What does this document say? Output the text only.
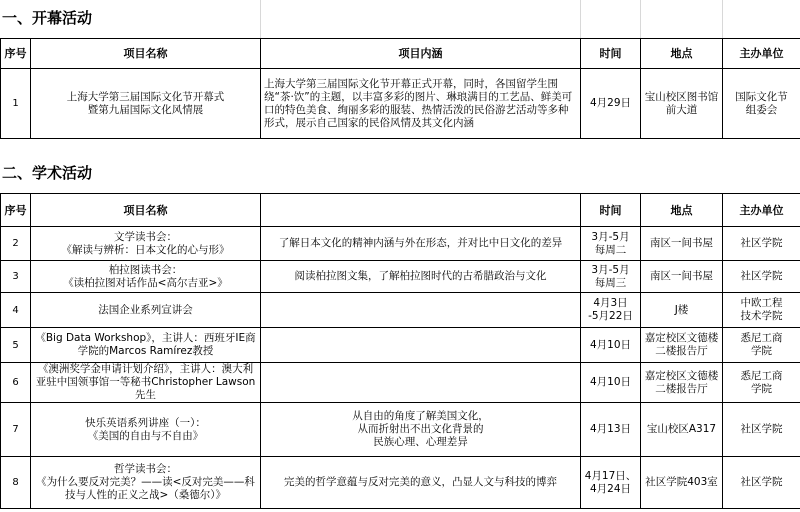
一、开幕活动
序号	项目名称	项目内涵	时间	地点	主办单位
1	上海大学第三届国际文化节开幕式
暨第九届国际文化风情展	上海大学第三届国际文化节开幕正式开幕，同时，各国留学生围绕“茶·饮”的主题，以丰富多彩的图片、琳琅满目的工艺品、鲜美可口的特色美食、绚丽多彩的服装、热情活泼的民俗游艺活动等多种形式，展示自己国家的民俗风情及其文化内涵	4月29日	宝山校区图书馆
前大道	国际文化节
组委会
二、学术活动
序号	项目名称		时间	地点	主办单位
2	文学读书会：
《解读与辨析：日本文化的心与形》	了解日本文化的精神内涵与外在形态，并对比中日文化的差异	3月-5月
每周二	南区一间书屋	社区学院
3	柏拉图读书会：
《读柏拉图对话作品<高尔吉亚>》	阅读柏拉图文集，了解柏拉图时代的古希腊政治与文化	3月-5月
每周三	南区一间书屋	社区学院
4	法国企业系列宣讲会		4月3日
-5月22日	J楼	中欧工程
技术学院
5	《Big Data Workshop》，主讲人：西班牙IE商学院的Marcos Ramírez教授		4月10日	嘉定校区文德楼
二楼报告厅	悉尼工商
学院
6	《澳洲奖学金申请计划介绍》，主讲人：澳大利亚驻中国领事馆一等秘书Christopher Lawson先生		4月10日	嘉定校区文德楼
二楼报告厅	悉尼工商
学院
7	快乐英语系列讲座（一）：
《美国的自由与不自由》	从自由的角度了解美国文化，
从而折射出不出文化背景的
民族心理、心理差异	4月13日	宝山校区A317	社区学院
8	哲学读书会：
《为什么要反对完美？——读<反对完美——科技与人性的正义之战>（桑德尔）》	完美的哲学意蕴与反对完美的意义，凸显人文与科技的博弈	4月17日、
4月24日	社区学院403室	社区学院
